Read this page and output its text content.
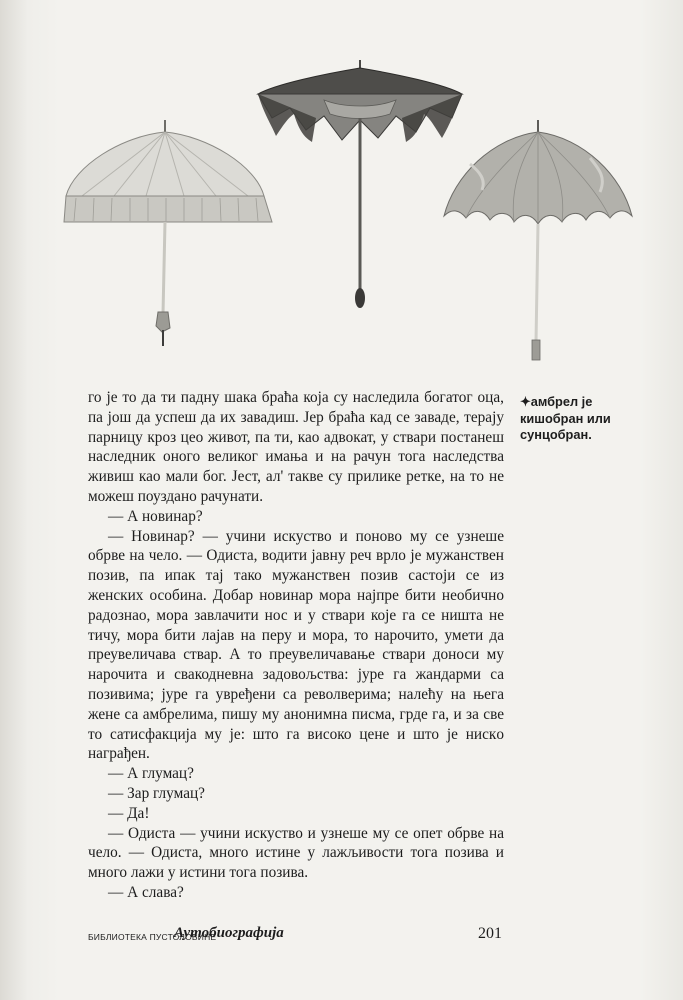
го је то да ти падну шака браћа која су наследила богатог оца, па још да успеш да их завадиш. Јер браћа кад се заваде, терају парницу кроз цео живот, па ти, као адвокат, у ствари постанеш наследник оного великог имања и на рачун тога наследства живиш као мали бог. Јест, ал' такве су прилике ретке, на то не можеш поуздано рачунати.

— А новинар?

— Новинар? — учини искуство и поново му се узнеше обрве на чело. — Одиста, водити јавну реч врло је мужанствен позив, па ипак тај тако мужанствен позив састоји се из женских особина. Добар новинар мора најпре бити необично радознао, мора завлачити нос и у ствари које га се ништа не тичу, мора бити лајав на перу и мора, то нарочито, умети да преувеличава ствар. А то преувеличавање ствари доноси му нарочита и свакодневна задовољства: јуре га жандарми са позивима; јуре га увређени са револверима; налећу на њега жене са амбрелима, пишу му анонимна писма, грде га, и за све то сатисфакција му је: што га високо цене и што је нискo награђен.

— А глумац?

— Зар глумац?

— Да!

— Одиста — учини искуство и узнеше му се опет обрве на чело. — Одиста, много истине у лажљивости тога позива и много лажи у истини тога позива.

— А слава?

✦амбрел је кишобран или сунцобран.
БИБЛИОТЕКА ПУСТОЛОВИНЕ
Аутобиографија	201
